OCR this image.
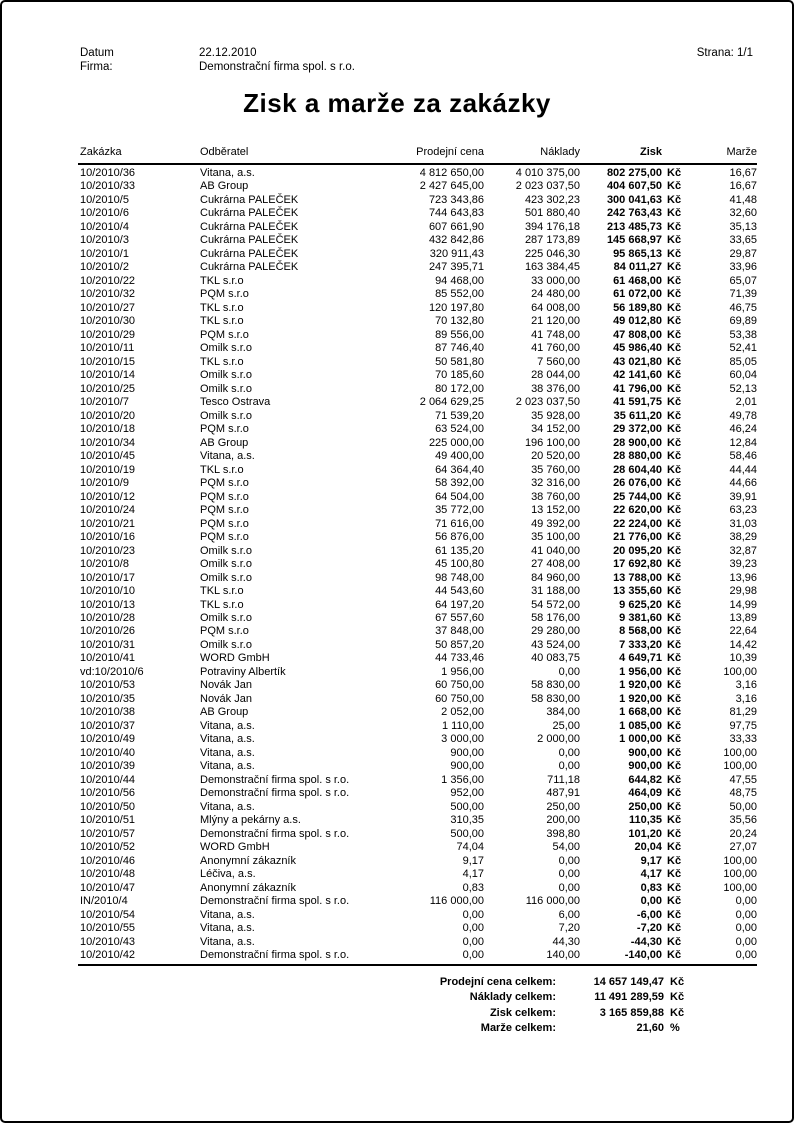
Datum	22.12.2010
Firma:	Demonstrační firma spol. s r.o.
Strana: 1/1
Zisk a marže za zakázky
Zakázka	Odběratel	Prodejní cena	Náklady	Zisk	Marže
10/2010/36	Vitana, a.s.	4 812 650,00	4 010 375,00	802 275,00 Kč	16,67
10/2010/33	AB Group	2 427 645,00	2 023 037,50	404 607,50 Kč	16,67
10/2010/5	Cukrárna PALEČEK	723 343,86	423 302,23	300 041,63 Kč	41,48
10/2010/6	Cukrárna PALEČEK	744 643,83	501 880,40	242 763,43 Kč	32,60
10/2010/4	Cukrárna PALEČEK	607 661,90	394 176,18	213 485,73 Kč	35,13
10/2010/3	Cukrárna PALEČEK	432 842,86	287 173,89	145 668,97 Kč	33,65
10/2010/1	Cukrárna PALEČEK	320 911,43	225 046,30	95 865,13 Kč	29,87
10/2010/2	Cukrárna PALEČEK	247 395,71	163 384,45	84 011,27 Kč	33,96
10/2010/22	TKL s.r.o	94 468,00	33 000,00	61 468,00 Kč	65,07
10/2010/32	PQM s.r.o	85 552,00	24 480,00	61 072,00 Kč	71,39
10/2010/27	TKL s.r.o	120 197,80	64 008,00	56 189,80 Kč	46,75
10/2010/30	TKL s.r.o	70 132,80	21 120,00	49 012,80 Kč	69,89
10/2010/29	PQM s.r.o	89 556,00	41 748,00	47 808,00 Kč	53,38
10/2010/11	Omilk s.r.o	87 746,40	41 760,00	45 986,40 Kč	52,41
10/2010/15	TKL s.r.o	50 581,80	7 560,00	43 021,80 Kč	85,05
10/2010/14	Omilk s.r.o	70 185,60	28 044,00	42 141,60 Kč	60,04
10/2010/25	Omilk s.r.o	80 172,00	38 376,00	41 796,00 Kč	52,13
10/2010/7	Tesco Ostrava	2 064 629,25	2 023 037,50	41 591,75 Kč	2,01
10/2010/20	Omilk s.r.o	71 539,20	35 928,00	35 611,20 Kč	49,78
10/2010/18	PQM s.r.o	63 524,00	34 152,00	29 372,00 Kč	46,24
10/2010/34	AB Group	225 000,00	196 100,00	28 900,00 Kč	12,84
10/2010/45	Vitana, a.s.	49 400,00	20 520,00	28 880,00 Kč	58,46
10/2010/19	TKL s.r.o	64 364,40	35 760,00	28 604,40 Kč	44,44
10/2010/9	PQM s.r.o	58 392,00	32 316,00	26 076,00 Kč	44,66
10/2010/12	PQM s.r.o	64 504,00	38 760,00	25 744,00 Kč	39,91
10/2010/24	PQM s.r.o	35 772,00	13 152,00	22 620,00 Kč	63,23
10/2010/21	PQM s.r.o	71 616,00	49 392,00	22 224,00 Kč	31,03
10/2010/16	PQM s.r.o	56 876,00	35 100,00	21 776,00 Kč	38,29
10/2010/23	Omilk s.r.o	61 135,20	41 040,00	20 095,20 Kč	32,87
10/2010/8	Omilk s.r.o	45 100,80	27 408,00	17 692,80 Kč	39,23
10/2010/17	Omilk s.r.o	98 748,00	84 960,00	13 788,00 Kč	13,96
10/2010/10	TKL s.r.o	44 543,60	31 188,00	13 355,60 Kč	29,98
10/2010/13	TKL s.r.o	64 197,20	54 572,00	9 625,20 Kč	14,99
10/2010/28	Omilk s.r.o	67 557,60	58 176,00	9 381,60 Kč	13,89
10/2010/26	PQM s.r.o	37 848,00	29 280,00	8 568,00 Kč	22,64
10/2010/31	Omilk s.r.o	50 857,20	43 524,00	7 333,20 Kč	14,42
10/2010/41	WORD GmbH	44 733,46	40 083,75	4 649,71 Kč	10,39
vd:10/2010/6	Potraviny Albertík	1 956,00	0,00	1 956,00 Kč	100,00
10/2010/53	Novák Jan	60 750,00	58 830,00	1 920,00 Kč	3,16
10/2010/35	Novák Jan	60 750,00	58 830,00	1 920,00 Kč	3,16
10/2010/38	AB Group	2 052,00	384,00	1 668,00 Kč	81,29
10/2010/37	Vitana, a.s.	1 110,00	25,00	1 085,00 Kč	97,75
10/2010/49	Vitana, a.s.	3 000,00	2 000,00	1 000,00 Kč	33,33
10/2010/40	Vitana, a.s.	900,00	0,00	900,00 Kč	100,00
10/2010/39	Vitana, a.s.	900,00	0,00	900,00 Kč	100,00
10/2010/44	Demonstrační firma spol. s r.o.	1 356,00	711,18	644,82 Kč	47,55
10/2010/56	Demonstrační firma spol. s r.o.	952,00	487,91	464,09 Kč	48,75
10/2010/50	Vitana, a.s.	500,00	250,00	250,00 Kč	50,00
10/2010/51	Mlýny a pekárny a.s.	310,35	200,00	110,35 Kč	35,56
10/2010/57	Demonstrační firma spol. s r.o.	500,00	398,80	101,20 Kč	20,24
10/2010/52	WORD GmbH	74,04	54,00	20,04 Kč	27,07
10/2010/46	Anonymní zákazník	9,17	0,00	9,17 Kč	100,00
10/2010/48	Léčiva, a.s.	4,17	0,00	4,17 Kč	100,00
10/2010/47	Anonymní zákazník	0,83	0,00	0,83 Kč	100,00
IN/2010/4	Demonstrační firma spol. s r.o.	116 000,00	116 000,00	0,00 Kč	0,00
10/2010/54	Vitana, a.s.	0,00	6,00	-6,00 Kč	0,00
10/2010/55	Vitana, a.s.	0,00	7,20	-7,20 Kč	0,00
10/2010/43	Vitana, a.s.	0,00	44,30	-44,30 Kč	0,00
10/2010/42	Demonstrační firma spol. s r.o.	0,00	140,00	-140,00 Kč	0,00
Prodejní cena celkem:	14 657 149,47 Kč
Náklady celkem:	11 491 289,59 Kč
Zisk celkem:	3 165 859,88 Kč
Marže celkem:	21,60 %
